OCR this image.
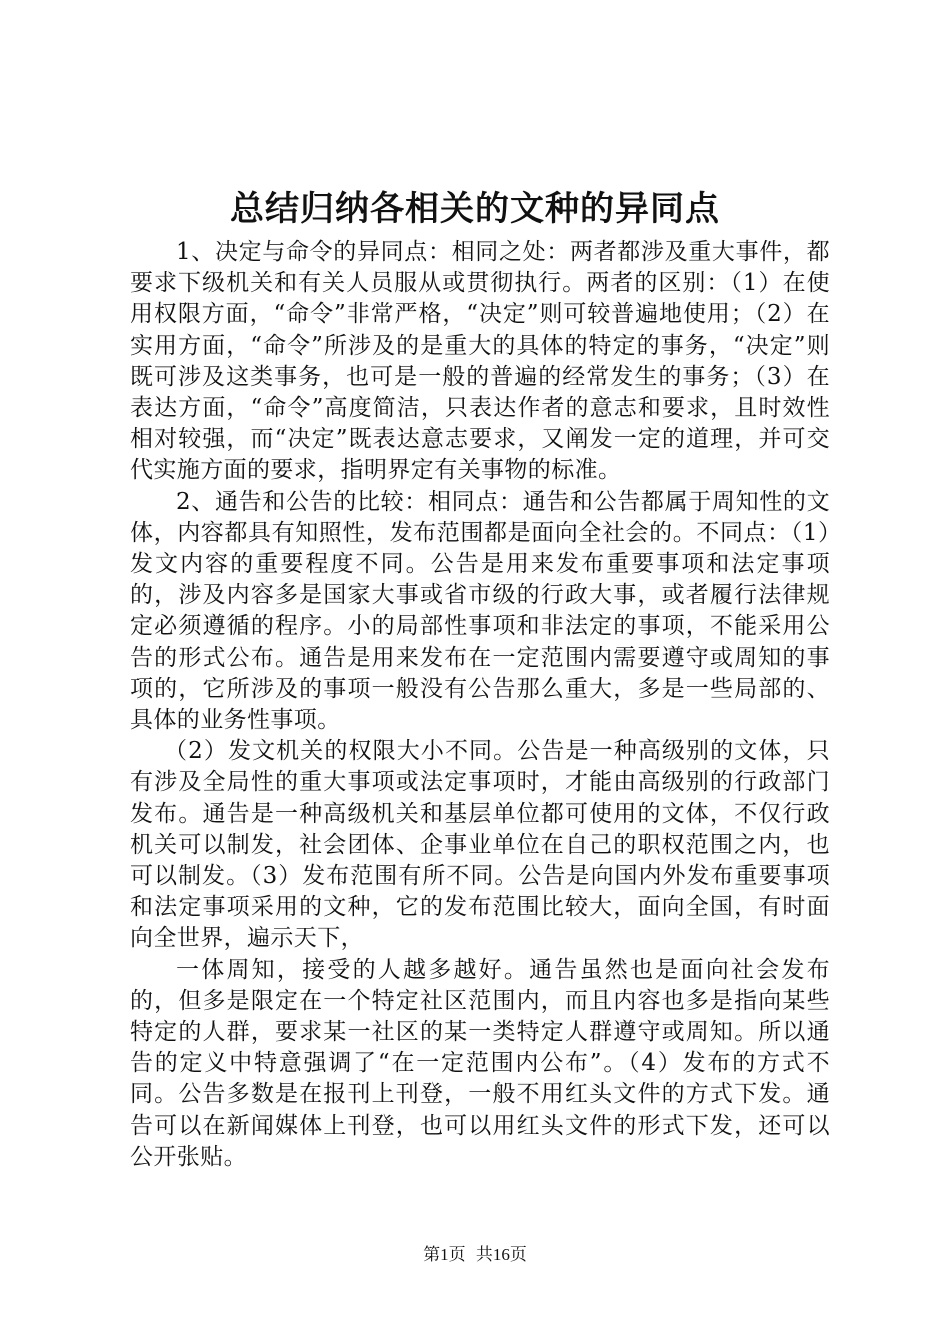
总结归纳各相关的文种的异同点

1、决定与命令的异同点：相同之处：两者都涉及重大事件，都要求下级机关和有关人员服从或贯彻执行。两者的区别：（1）在使用权限方面，“命令”非常严格，“决定”则可较普遍地使用；（2）在实用方面，“命令”所涉及的是重大的具体的特定的事务，“决定”则既可涉及这类事务，也可是一般的普遍的经常发生的事务；（3）在表达方面，“命令”高度简洁，只表达作者的意志和要求，且时效性相对较强，而“决定”既表达意志要求，又阐发一定的道理，并可交代实施方面的要求，指明界定有关事物的标准。

2、通告和公告的比较：相同点：通告和公告都属于周知性的文体，内容都具有知照性，发布范围都是面向全社会的。不同点：（1）发文内容的重要程度不同。公告是用来发布重要事项和法定事项的，涉及内容多是国家大事或省市级的行政大事，或者履行法律规定必须遵循的程序。小的局部性事项和非法定的事项，不能采用公告的形式公布。通告是用来发布在一定范围内需要遵守或周知的事项的，它所涉及的事项一般没有公告那么重大，多是一些局部的、具体的业务性事项。

（2）发文机关的权限大小不同。公告是一种高级别的文体，只有涉及全局性的重大事项或法定事项时，才能由高级别的行政部门发布。通告是一种高级机关和基层单位都可使用的文体，不仅行政机关可以制发，社会团体、企事业单位在自己的职权范围之内，也可以制发。（3）发布范围有所不同。公告是向国内外发布重要事项和法定事项采用的文种，它的发布范围比较大，面向全国，有时面向全世界，遍示天下，

一体周知，接受的人越多越好。通告虽然也是面向社会发布的，但多是限定在一个特定社区范围内，而且内容也多是指向某些特定的人群，要求某一社区的某一类特定人群遵守或周知。所以通告的定义中特意强调了“在一定范围内公布”。（4）发布的方式不同。公告多数是在报刊上刊登，一般不用红头文件的方式下发。通告可以在新闻媒体上刊登，也可以用红头文件的形式下发，还可以公开张贴。

第1页 共16页
